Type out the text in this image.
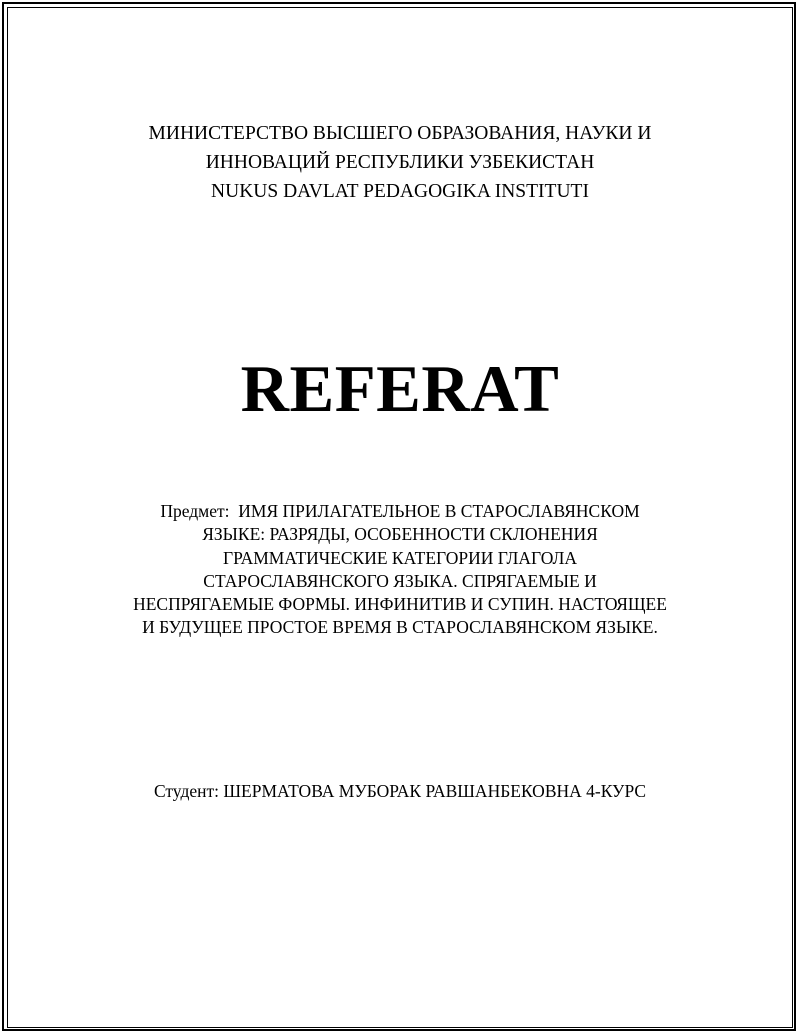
МИНИСТЕРСТВО ВЫСШЕГО ОБРАЗОВАНИЯ, НАУКИ И
ИННОВАЦИЙ РЕСПУБЛИКИ УЗБЕКИСТАН
NUKUS DAVLAT PEDAGOGIKA INSTITUTI
REFERAT
Предмет:  ИМЯ ПРИЛАГАТЕЛЬНОЕ В СТАРОСЛАВЯНСКОМ
ЯЗЫКЕ: РАЗРЯДЫ, ОСОБЕННОСТИ СКЛОНЕНИЯ
ГРАММАТИЧЕСКИЕ КАТЕГОРИИ ГЛАГОЛА
СТАРОСЛАВЯНСКОГО ЯЗЫКА. СПРЯГАЕМЫЕ И
НЕСПРЯГАЕМЫЕ ФОРМЫ. ИНФИНИТИВ И СУПИН. НАСТОЯЩЕЕ
И БУДУЩЕЕ ПРОСТОЕ ВРЕМЯ В СТАРОСЛАВЯНСКОМ ЯЗЫКЕ.
Студент: ШЕРМАТОВА МУБОРАК РАВШАНБЕКОВНА 4-КУРС
